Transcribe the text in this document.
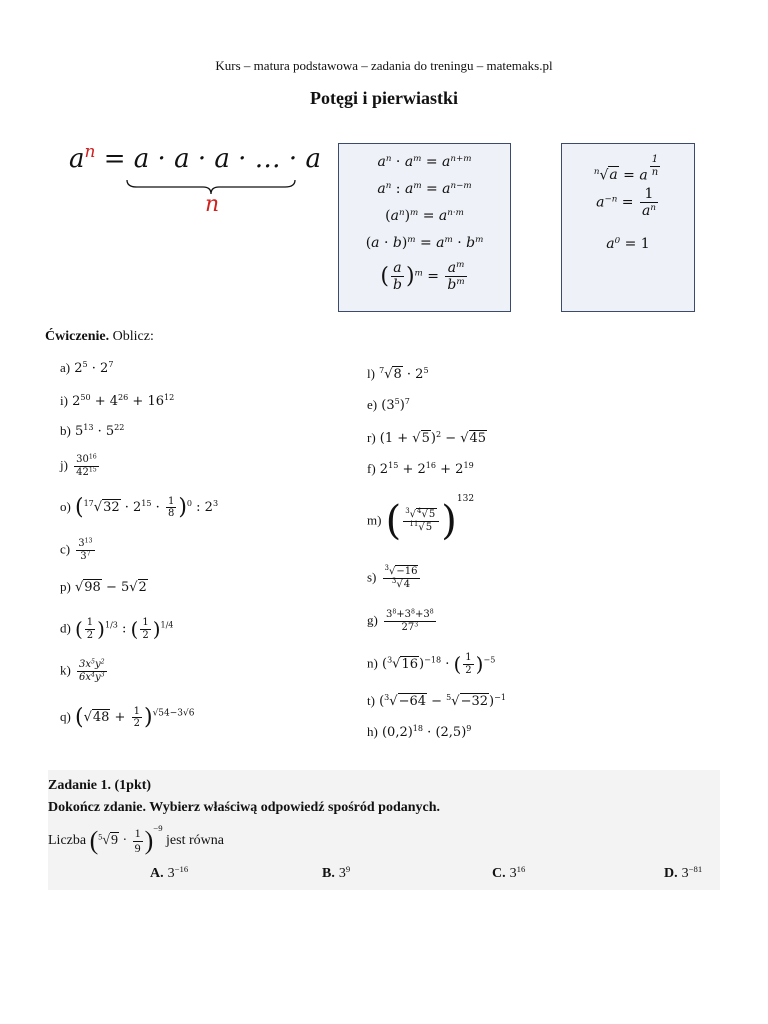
Kurs – matura podstawowa – zadania do treningu – matemaks.pl
Potęgi i pierwiastki
$a^n = a \cdot a \cdot a$ · … · a
n
$a^n \cdot a^m = a^{n+m}$
$a^n$ : $a^m = a^{n-m}$
$(a^n)^m = a^{n\cdot m}$
$(a \cdot b)^m = a^m \cdot b^m$
( $\frac{a}{b} )^m = \frac{a^m}{b^m}$
$^n$√a = a $^{\frac{1}{n}}$
$a^{-n} = \frac{1}{a^n}$
$a^0 = 1$
Ćwiczenie. Oblicz:
a) $2^5 \cdot 2^7$
i) $2^{50} + 4^{26} + 16^{12}$
b) $5^{13} \cdot 5^{22}$
$j) \frac{30^{16}}{42^{15}}$
o) $(^{17}√32 \cdot 2^{15} \cdot \frac{1}{8} )^0$ : $2^3$
$c) \frac{3^{13}}{3^7}$
p) √98 − 5√2
d) ( $\frac{1}{2} )^{1/3}$ : ( $\frac{1}{2} )^{1/4}$
$k) \frac{3x^5y^2}{6x^4y^3}$
q) $(√48 + \frac{1}{2} )^{√54-3√6}$
l) $^7√8 \cdot 2^5$
e) $(3^5)^7$
r) $(1 + √5)^2 - √45$
f) $2^{15} + 2^{16} + 2^{19}$
m) ( $\frac{^3√^4√5}{^{11}√5} )^{132}$
$s) \frac{^3√-16}{^3√4}$
$g) \frac{3^8+3^8+3^8}{27^3}$
n) $(^3√16)^{-18}$ · ( $\frac{1}{2} )^{-5}$
t) $(^3√-64 - ^5√-32)^{-1}$
h) $(0,2)^{18} \cdot (2,5)^9$
Zadanie 1. (1pkt)
Dokończ zdanie. Wybierz właściwą odpowiedź spośród podanych.
Liczba $(^5√9 \cdot \frac{1}{9} )^{-9}$ jest równa
A. $3^{-16}$	B. $3^9$	C. $3^{16}$	D. $3^{-81}$
